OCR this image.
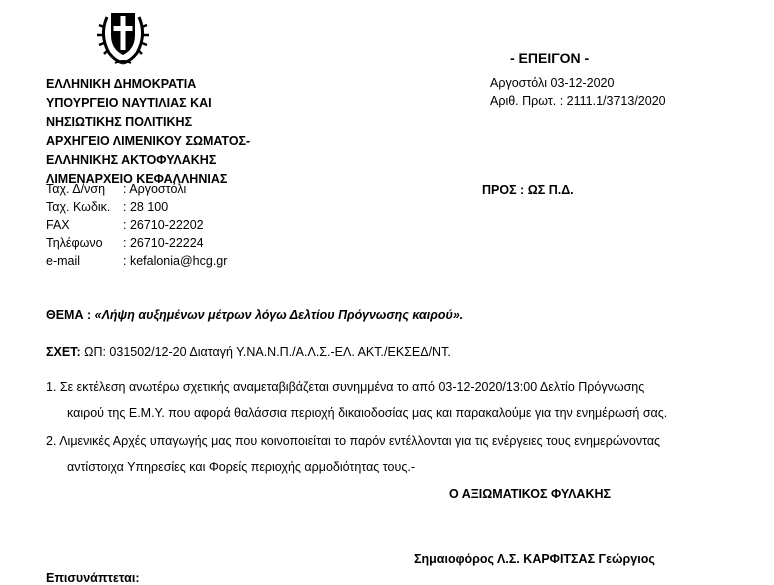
- ΕΠΕΙΓΟΝ -
Αργοστόλι 03-12-2020
Αριθ. Πρωτ. : 2111.1/3713/2020
ΕΛΛΗΝΙΚΗ ΔΗΜΟΚΡΑΤΙΑ
ΥΠΟΥΡΓΕΙΟ ΝΑΥΤΙΛΙΑΣ ΚΑΙ
ΝΗΣΙΩΤΙΚΗΣ ΠΟΛΙΤΙΚΗΣ
ΑΡΧΗΓΕΙΟ ΛΙΜΕΝΙΚΟΥ ΣΩΜΑΤΟΣ-
ΕΛΛΗΝΙΚΗΣ ΑΚΤΟΦΥΛΑΚΗΣ
ΛΙΜΕΝΑΡΧΕΙΟ ΚΕΦΑΛΛΗΝΙΑΣ
ΠΡΟΣ : ΩΣ Π.Δ.
Ταχ. Δ/νση : Αργοστόλι
Ταχ. Κωδικ. : 28 100
FAX	: 26710-22202
Τηλέφωνο : 26710-22224
e-mail	: kefalonia@hcg.gr
ΘΕΜΑ : «Λήψη αυξημένων μέτρων λόγω Δελτίου Πρόγνωσης καιρού».
ΣΧΕΤ: ΩΠ: 031502/12-20 Διαταγή Υ.ΝΑ.Ν.Π./Α.Λ.Σ.-ΕΛ. ΑΚΤ./ΕΚΣΕΔ/ΝΤ.
1. Σε εκτέλεση ανωτέρω σχετικής αναμεταβιβάζεται συνημμένα το από 03-12-2020/13:00 Δελτίο Πρόγνωσης
καιρού της Ε.Μ.Υ. που αφορά θαλάσσια περιοχή δικαιοδοσίας μας και παρακαλούμε για την ενημέρωσή σας.
2. Λιμενικές Αρχές υπαγωγής μας που κοινοποιείται το παρόν εντέλλονται για τις ενέργειες τους ενημερώνοντας
αντίστοιχα Υπηρεσίες και Φορείς περιοχής αρμοδιότητας τους.-
Ο ΑΞΙΩΜΑΤΙΚΟΣ ΦΥΛΑΚΗΣ
Σημαιοφόρος Λ.Σ. ΚΑΡΦΙΤΣΑΣ Γεώργιος
Επισυνάπτεται:
